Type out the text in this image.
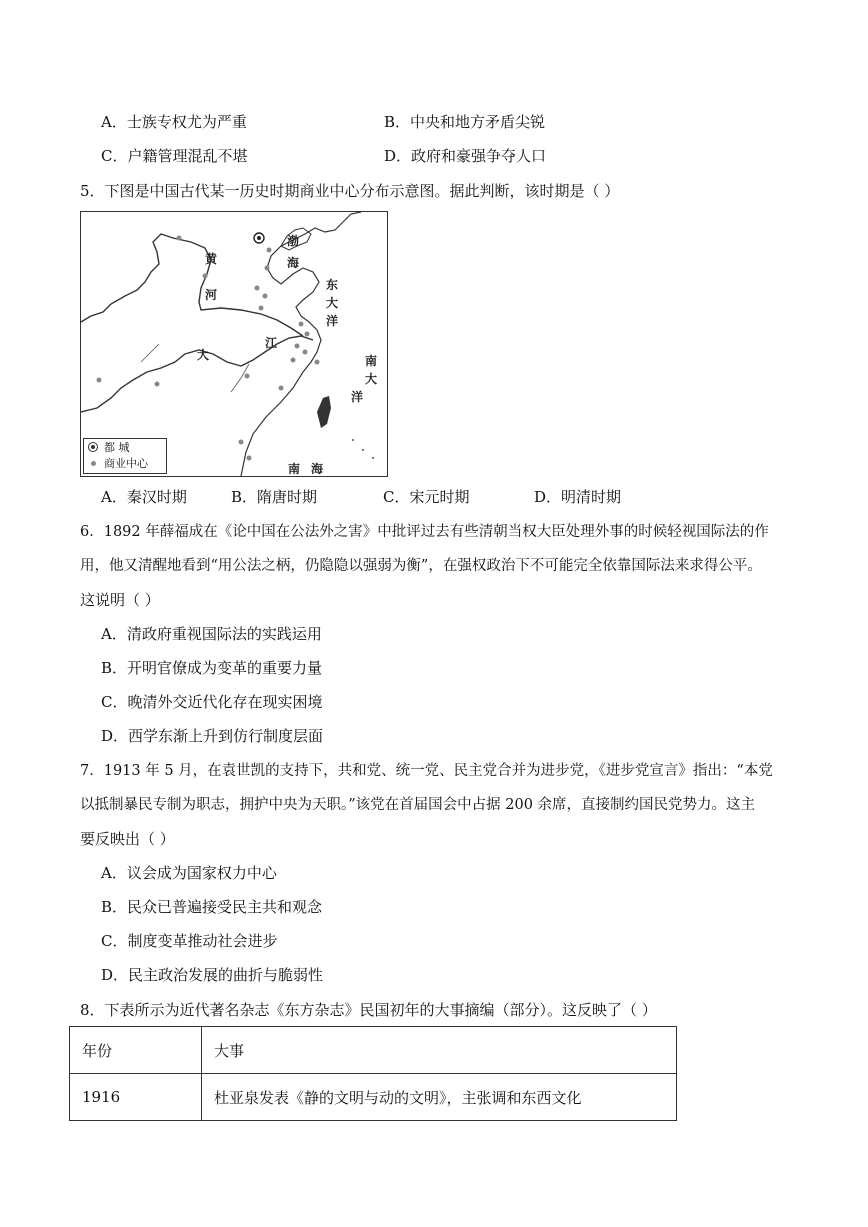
A．士族专权尤为严重	B．中央和地方矛盾尖锐
C．户籍管理混乱不堪	D．政府和豪强争夺人口
5．下图是中国古代某一历史时期商业中心分布示意图。据此判断，该时期是（ ）
黄
河
渤
海
东
大
洋
南
大
洋
大
江
南 海
都 城
商业中心
A．秦汉时期	B．隋唐时期	C．宋元时期	D．明清时期
6．1892 年薛福成在《论中国在公法外之害》中批评过去有些清朝当权大臣处理外事的时候轻视国际法的作
用，他又清醒地看到“用公法之柄，仍隐隐以强弱为衡”，在强权政治下不可能完全依靠国际法来求得公平。
这说明（ ）
A．清政府重视国际法的实践运用
B．开明官僚成为变革的重要力量
C．晚清外交近代化存在现实困境
D．西学东渐上升到仿行制度层面
7．1913 年 5 月，在袁世凯的支持下，共和党、统一党、民主党合并为进步党，《进步党宣言》指出：“本党
以抵制暴民专制为职志，拥护中央为天职。”该党在首届国会中占据 200 余席，直接制约国民党势力。这主
要反映出（ ）
A．议会成为国家权力中心
B．民众已普遍接受民主共和观念
C．制度变革推动社会进步
D．民主政治发展的曲折与脆弱性
8．下表所示为近代著名杂志《东方杂志》民国初年的大事摘编（部分）。这反映了（ ）
年份	大事
1916	杜亚泉发表《静的文明与动的文明》，主张调和东西文化
